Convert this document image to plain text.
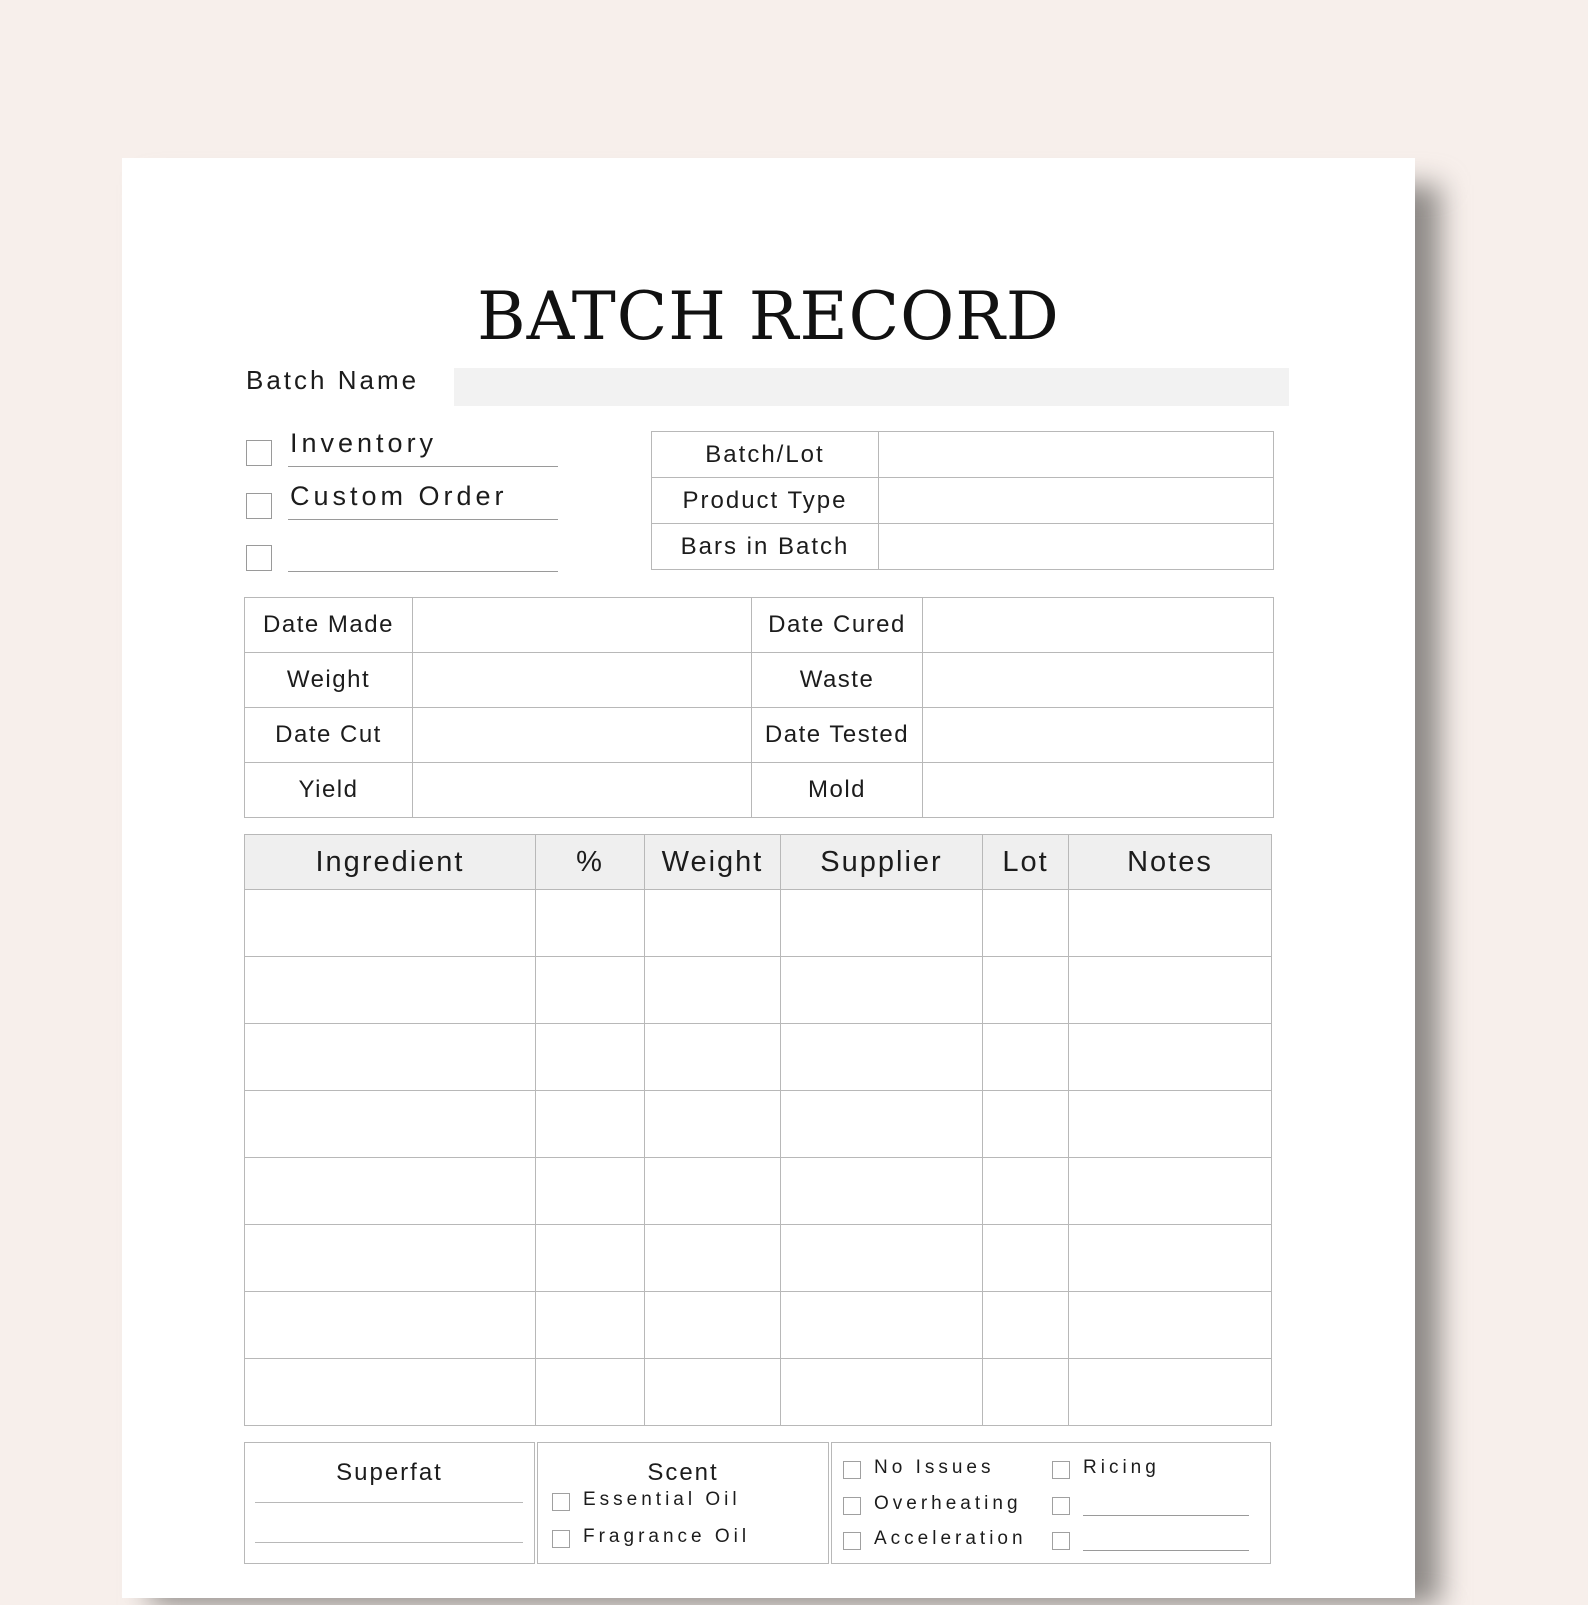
BATCH RECORD
Batch Name
Inventory
Custom Order
Batch/Lot	
Product Type	
Bars in Batch	
Date Made		Date Cured	
Weight		Waste	
Date Cut		Date Tested	
Yield		Mold	
Ingredient	%	Weight	Supplier	Lot	Notes

Superfat	Scent
Essential Oil
Fragrance Oil
No Issues
Overheating
Acceleration
Ricing
